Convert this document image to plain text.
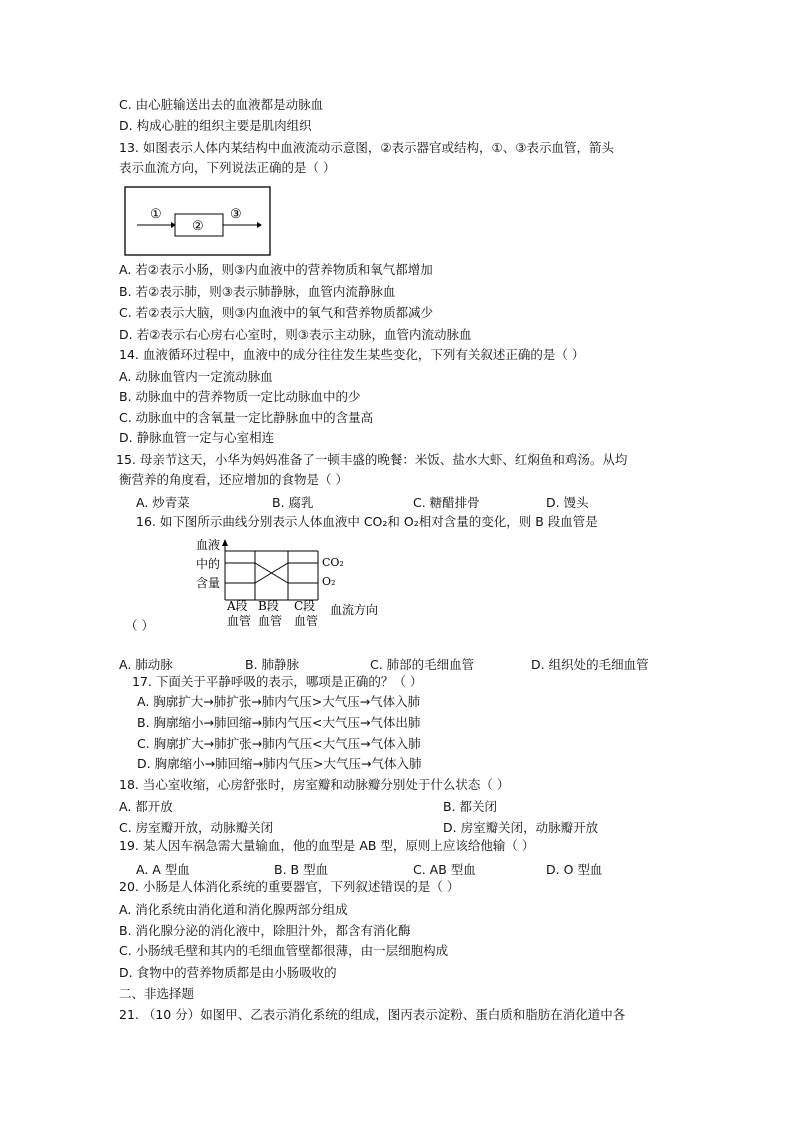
C. 由心脏输送出去的血液都是动脉血
D. 构成心脏的组织主要是肌肉组织
13. 如图表示人体内某结构中血液流动示意图，②表示器官或结构，①、③表示血管，箭头
表示血流方向，下列说法正确的是（ ）
①
②
③
A. 若②表示小肠，则③内血液中的营养物质和氧气都增加
B. 若②表示肺，则③表示肺静脉，血管内流静脉血
C. 若②表示大脑，则③内血液中的氧气和营养物质都减少
D. 若②表示右心房右心室时，则③表示主动脉，血管内流动脉血
14. 血液循环过程中，血液中的成分往往发生某些变化，下列有关叙述正确的是（ ）
A. 动脉血管内一定流动脉血
B. 动脉血中的营养物质一定比动脉血中的少
C. 动脉血中的含氧量一定比静脉血中的含量高
D. 静脉血管一定与心室相连
15. 母亲节这天，小华为妈妈准备了一顿丰盛的晚餐：米饭、盐水大虾、红焖鱼和鸡汤。从均
衡营养的角度看，还应增加的食物是（ ）
A. 炒青菜	B. 腐乳	C. 糖醋排骨	D. 馒头
16. 如下图所示曲线分别表示人体血液中 CO₂和 O₂相对含量的变化，则 B 段血管是
血液
中的
含量
CO₂
O₂
A段
血管
B段
血管
C段
血管
血流方向
（ ）
A. 肺动脉	B. 肺静脉	C. 肺部的毛细血管	D. 组织处的毛细血管
17. 下面关于平静呼吸的表示，哪项是正确的？（ ）
A. 胸廓扩大→肺扩张→肺内气压>大气压→气体入肺
B. 胸廓缩小→肺回缩→肺内气压<大气压→气体出肺
C. 胸廓扩大→肺扩张→肺内气压<大气压→气体入肺
D. 胸廓缩小→肺回缩→肺内气压>大气压→气体入肺
18. 当心室收缩，心房舒张时，房室瓣和动脉瓣分别处于什么状态（ ）
A. 都开放	B. 都关闭
C. 房室瓣开放，动脉瓣关闭	D. 房室瓣关闭，动脉瓣开放
19. 某人因车祸急需大量输血，他的血型是 AB 型，原则上应该给他输（ ）
A. A 型血	B. B 型血	C. AB 型血	D. O 型血
20. 小肠是人体消化系统的重要器官，下列叙述错误的是（ ）
A. 消化系统由消化道和消化腺两部分组成
B. 消化腺分泌的消化液中，除胆汁外，都含有消化酶
C. 小肠绒毛壁和其内的毛细血管壁都很薄，由一层细胞构成
D. 食物中的营养物质都是由小肠吸收的
二、非选择题
21. （10 分）如图甲、乙表示消化系统的组成，图丙表示淀粉、蛋白质和脂肪在消化道中各
